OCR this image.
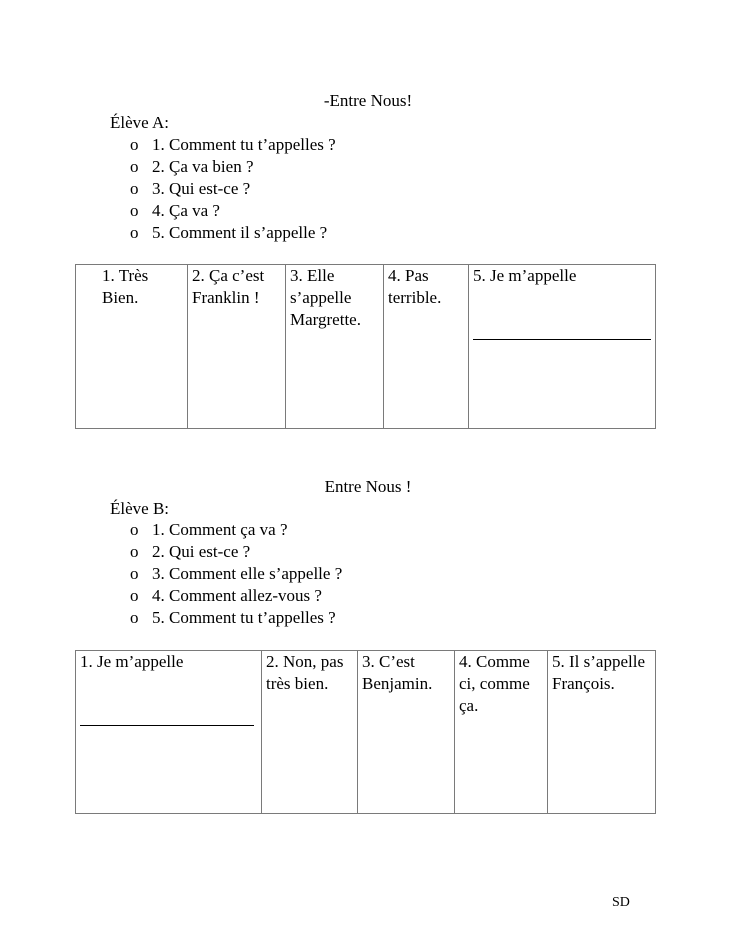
-Entre Nous!
Élève A:
o 1. Comment tu t’appelles ?
o 2. Ça va bien ?
o 3. Qui est-ce ?
o 4. Ça va ?
o 5. Comment il s’appelle ?
1. Très Bien.	2. Ça c’est Franklin !	3. Elle s’appelle Margrette.	4. Pas terrible.	5. Je m’appelle
Entre Nous !
Élève B:
o 1. Comment ça va ?
o 2. Qui est-ce ?
o 3. Comment elle s’appelle ?
o 4. Comment allez-vous ?
o 5. Comment tu t’appelles ?
1. Je m’appelle	2. Non, pas très bien.	3. C’est Benjamin.	4. Comme ci, comme ça.	5. Il s’appelle François.
SD
